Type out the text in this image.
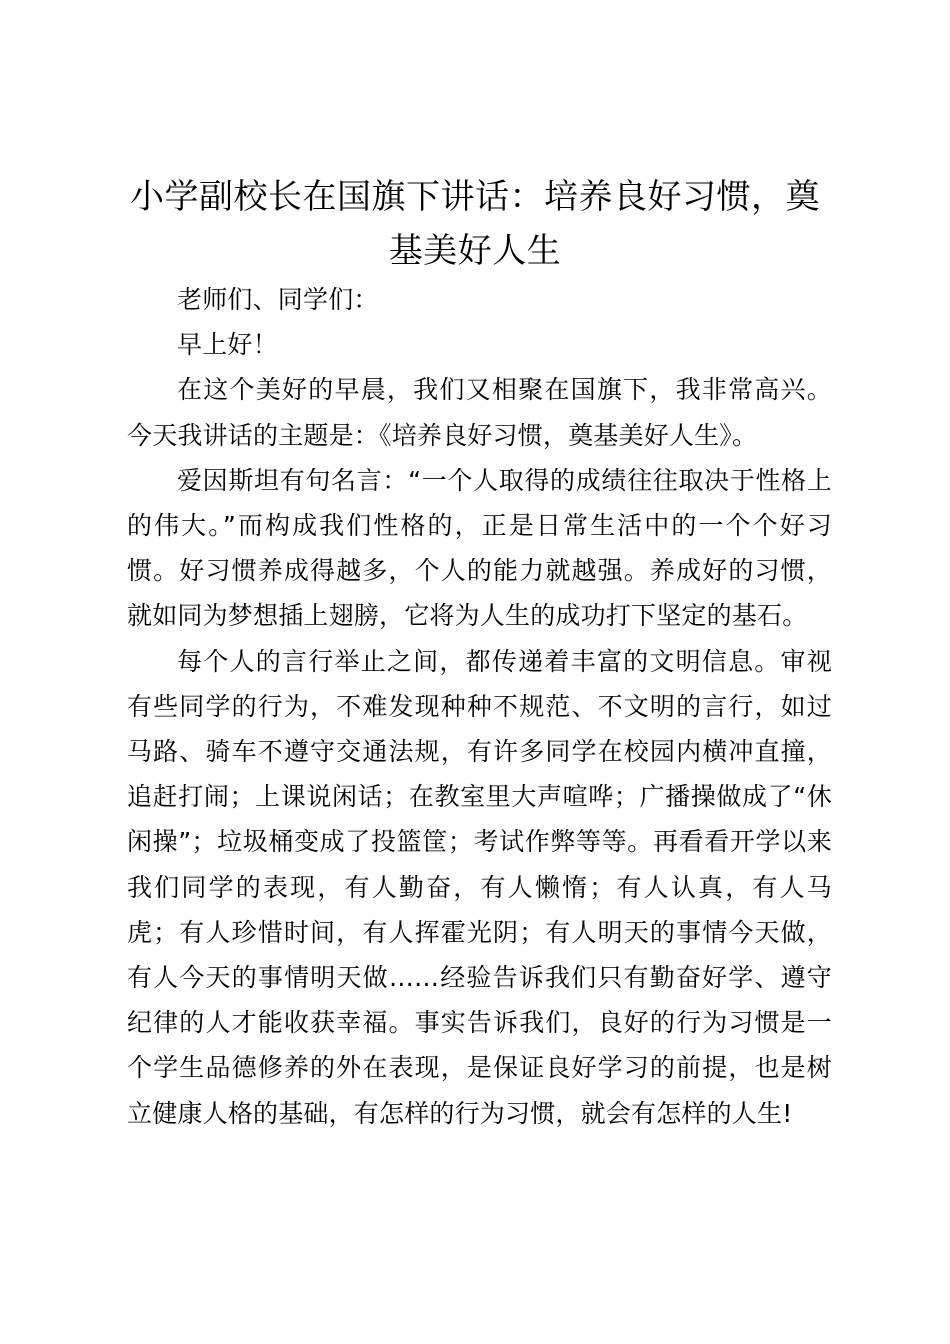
小学副校长在国旗下讲话：培养良好习惯，奠基美好人生

老师们、同学们：

早上好！

在这个美好的早晨，我们又相聚在国旗下，我非常高兴。今天我讲话的主题是：《培养良好习惯，奠基美好人生》。

爱因斯坦有句名言：“一个人取得的成绩往往取决于性格上的伟大。”而构成我们性格的，正是日常生活中的一个个好习惯。好习惯养成得越多，个人的能力就越强。养成好的习惯，就如同为梦想插上翅膀，它将为人生的成功打下坚定的基石。

每个人的言行举止之间，都传递着丰富的文明信息。审视有些同学的行为，不难发现种种不规范、不文明的言行，如过马路、骑车不遵守交通法规，有许多同学在校园内横冲直撞，追赶打闹；上课说闲话；在教室里大声喧哗；广播操做成了“休闲操”；垃圾桶变成了投篮筐；考试作弊等等。再看看开学以来我们同学的表现，有人勤奋，有人懒惰；有人认真，有人马虎；有人珍惜时间，有人挥霍光阴；有人明天的事情今天做，有人今天的事情明天做……经验告诉我们只有勤奋好学、遵守纪律的人才能收获幸福。事实告诉我们，良好的行为习惯是一个学生品德修养的外在表现，是保证良好学习的前提，也是树立健康人格的基础，有怎样的行为习惯，就会有怎样的人生!
